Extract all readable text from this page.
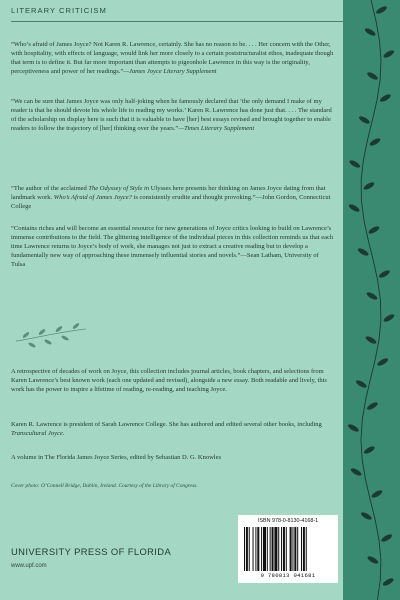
LITERARY CRITICISM

“Who’s afraid of James Joyce? Not Karen R. Lawrence, certainly. She has no reason to be. . . . Her concern with the Other, with hospitality, with effects of language, would link her more closely to a certain poststructuralist ethos, inadequate though that term is to define it. But far more important than attempts to pigeonhole Lawrence in this way is the originality, perceptiveness and power of her readings.”—James Joyce Literary Supplement

“We can be sure that James Joyce was only half-joking when he famously declared that ‘the only demand I make of my reader is that he should devote his whole life to reading my works.’ Karen R. Lawrence has done just that. . . . The standard of the scholarship on display here is such that it is valuable to have [her] best essays revised and brought together to enable readers to follow the trajectory of [her] thinking over the years.”—Times Literary Supplement

“The author of the acclaimed The Odyssey of Style in Ulysses here presents her thinking on James Joyce dating from that landmark work. Who’s Afraid of James Joyce? is consistently erudite and thought provoking.”—John Gordon, Connecticut College

“Contains riches and will become an essential resource for new generations of Joyce critics looking to build on Lawrence’s immense contributions to the field. The glittering intelligence of the individual pieces in this collection reminds us that each time Lawrence returns to Joyce’s body of work, she manages not just to extract a creative reading but to develop a fundamentally new way of approaching these immensely influential stories and novels.”—Sean Latham, University of Tulsa

A retrospective of decades of work on Joyce, this collection includes journal articles, book chapters, and selections from Karen Lawrence’s best known work (each one updated and revised), alongside a new essay. Both readable and lively, this work has the power to inspire a lifetime of reading, re-reading, and teaching Joyce.

Karen R. Lawrence is president of Sarah Lawrence College. She has authored and edited several other books, including Transcultural Joyce.

A volume in The Florida James Joyce Series, edited by Sebastian D. G. Knowles

Cover photo: O’Connell Bridge, Dublin, Ireland. Courtesy of the Library of Congress.
UNIVERSITY PRESS OF FLORIDA
www.upf.com
ISBN 978-0-8130-4168-1
9 780813 041681
